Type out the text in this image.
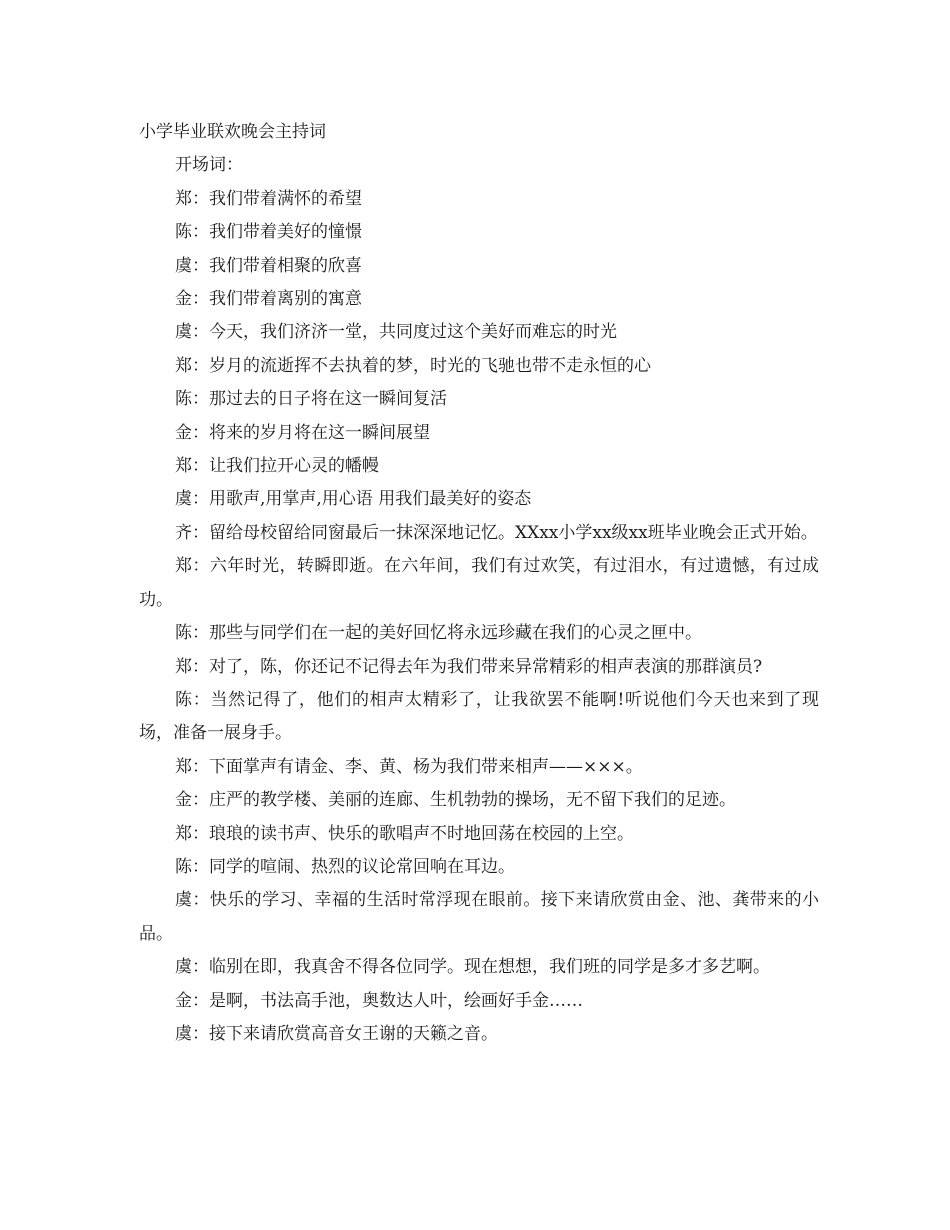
小学毕业联欢晚会主持词

开场词：

郑：我们带着满怀的希望

陈：我们带着美好的憧憬

虞：我们带着相聚的欣喜

金：我们带着离别的寓意

虞：今天，我们济济一堂，共同度过这个美好而难忘的时光

郑：岁月的流逝挥不去执着的梦，时光的飞驰也带不走永恒的心

陈：那过去的日子将在这一瞬间复活

金：将来的岁月将在这一瞬间展望

郑：让我们拉开心灵的幡幔

虞：用歌声,用掌声,用心语 用我们最美好的姿态

齐：留给母校留给同窗最后一抹深深地记忆。XXxx小学xx级xx班毕业晚会正式开始。

郑：六年时光，转瞬即逝。在六年间，我们有过欢笑，有过泪水，有过遗憾，有过成功。

陈：那些与同学们在一起的美好回忆将永远珍藏在我们的心灵之匣中。

郑：对了，陈，你还记不记得去年为我们带来异常精彩的相声表演的那群演员?

陈：当然记得了，他们的相声太精彩了，让我欲罢不能啊!听说他们今天也来到了现场，准备一展身手。

郑：下面掌声有请金、李、黄、杨为我们带来相声——×××。

金：庄严的教学楼、美丽的连廊、生机勃勃的操场，无不留下我们的足迹。

郑：琅琅的读书声、快乐的歌唱声不时地回荡在校园的上空。

陈：同学的喧闹、热烈的议论常回响在耳边。

虞：快乐的学习、幸福的生活时常浮现在眼前。接下来请欣赏由金、池、龚带来的小品。

虞：临别在即，我真舍不得各位同学。现在想想，我们班的同学是多才多艺啊。

金：是啊，书法高手池，奥数达人叶，绘画好手金……

虞：接下来请欣赏高音女王谢的天籁之音。
